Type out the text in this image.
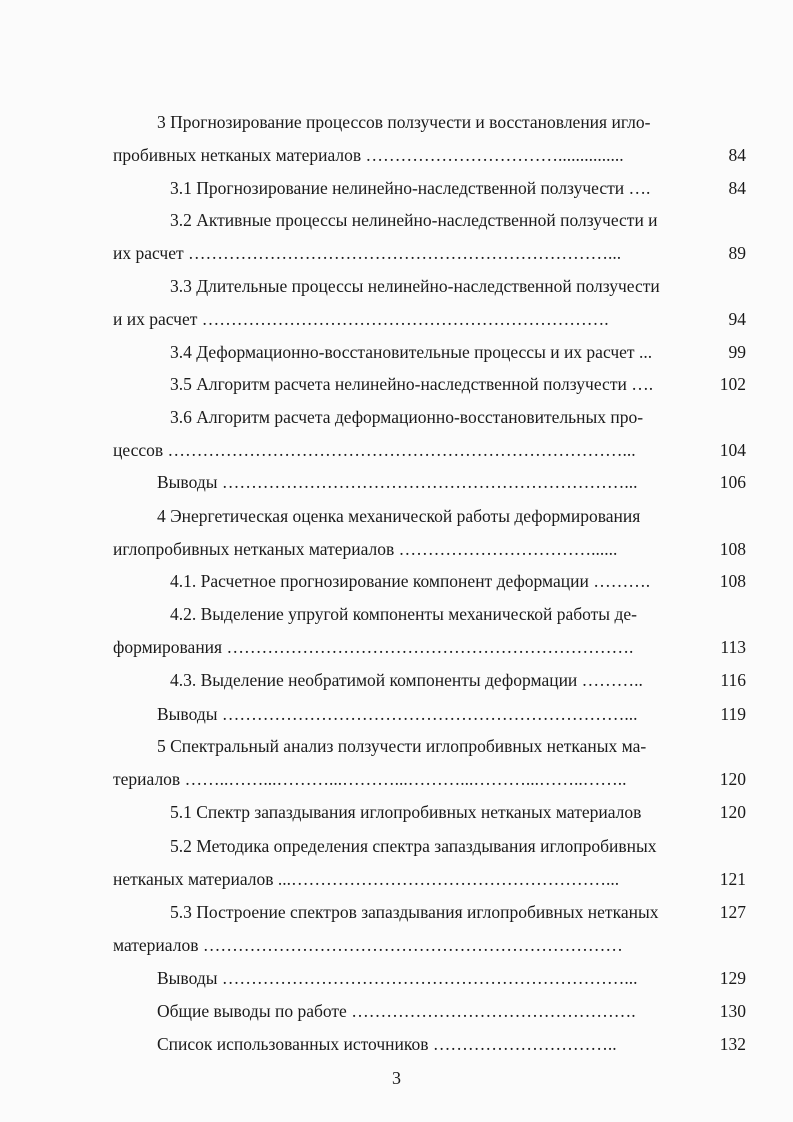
3 Прогнозирование процессов ползучести и восстановления игло-
пробивных нетканых материалов ……………………………...............	84
3.1 Прогнозирование нелинейно-наследственной ползучести ….	84
3.2 Активные процессы нелинейно-наследственной ползучести и
их расчет ………………………………………………………………...	89
3.3 Длительные процессы нелинейно-наследственной ползучести
и их расчет …………………………………………………………….	94
3.4 Деформационно-восстановительные процессы и их расчет ...	99
3.5 Алгоритм расчета нелинейно-наследственной ползучести ….	102
3.6 Алгоритм расчета деформационно-восстановительных про-
цессов ……………………………………………………………………...	104
Выводы ……………………………………………………………...	106
4 Энергетическая оценка механической работы деформирования
иглопробивных нетканых материалов ……………………………......	108
4.1. Расчетное прогнозирование компонент деформации ……….	108
4.2. Выделение упругой компоненты механической работы де-
формирования …………………………………………………………….	113
4.3. Выделение необратимой компоненты деформации ………..	116
Выводы ……………………………………………………………...	119
5 Спектральный анализ ползучести иглопробивных нетканых ма-
териалов ……..……...………...………...………...………...……..……..	120
5.1 Спектр запаздывания иглопробивных нетканых материалов	120
5.2 Методика определения спектра запаздывания иглопробивных
нетканых материалов ...………………………………………………...	121
5.3 Построение спектров запаздывания иглопробивных нетканых	127
материалов ………………………………………………………………
Выводы ……………………………………………………………...	129
Общие выводы по работе ………………………………………….	130
Список использованных источников …………………………..	132
3
